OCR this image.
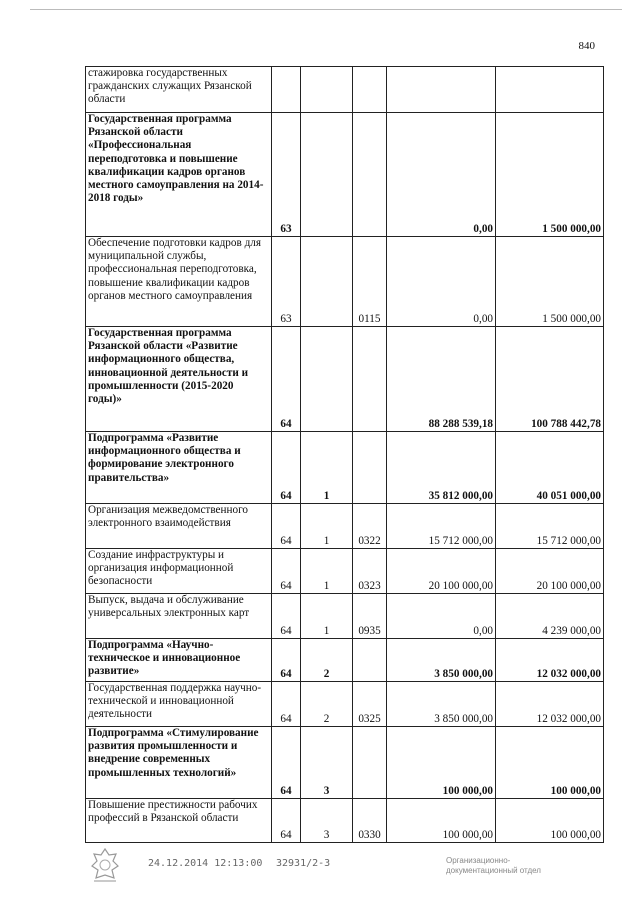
840
стажировка государственных гражданских служащих Рязанской области					
Государственная программа Рязанской области «Профессиональная переподготовка и повышение квалификации кадров органов местного самоуправления на 2014-2018 годы»	63			0,00	1 500 000,00
Обеспечение подготовки кадров для муниципальной службы, профессиональная переподготовка, повышение квалификации кадров органов местного самоуправления	63		0115	0,00	1 500 000,00
Государственная программа Рязанской области «Развитие информационного общества, инновационной деятельности и промышленности (2015-2020 годы)»	64			88 288 539,18	100 788 442,78
Подпрограмма «Развитие информационного общества и формирование электронного правительства»	64	1		35 812 000,00	40 051 000,00
Организация межведомственного электронного взаимодействия	64	1	0322	15 712 000,00	15 712 000,00
Создание инфраструктуры и организация информационной безопасности	64	1	0323	20 100 000,00	20 100 000,00
Выпуск, выдача и обслуживание универсальных электронных карт	64	1	0935	0,00	4 239 000,00
Подпрограмма «Научно-техническое и инновационное развитие»	64	2		3 850 000,00	12 032 000,00
Государственная поддержка научно-технической и инновационной деятельности	64	2	0325	3 850 000,00	12 032 000,00
Подпрограмма «Стимулирование развития промышленности и внедрение современных промышленных технологий»	64	3		100 000,00	100 000,00
Повышение престижности рабочих профессий в Рязанской области	64	3	0330	100 000,00	100 000,00
24.12.2014 12:13:00 32931/2-3	Организационно-
документационный отдел
